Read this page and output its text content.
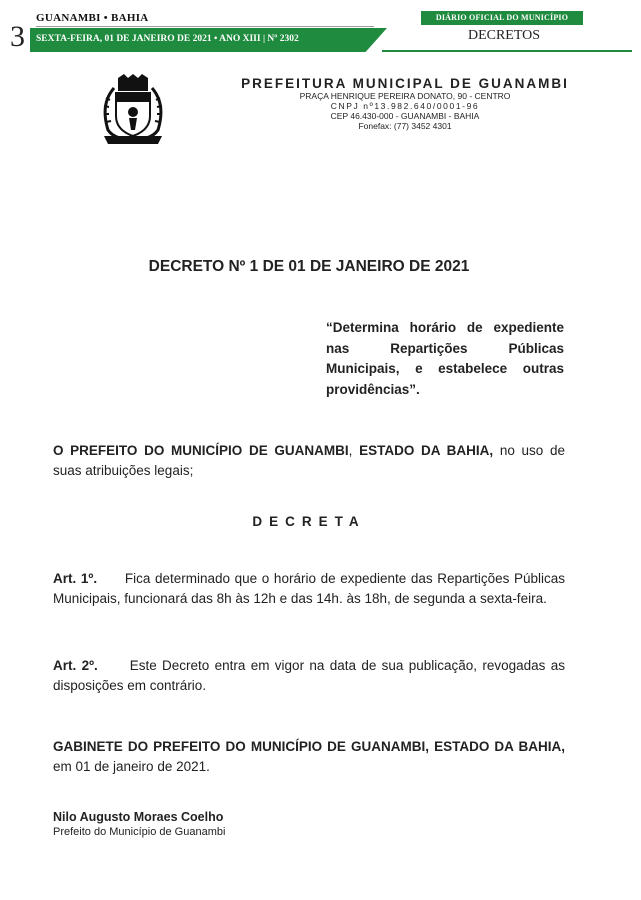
3
GUANAMBI • BAHIA
SEXTA-FEIRA, 01 DE JANEIRO DE 2021 • ANO XIII | Nº 2302
DIÁRIO OFICIAL DO MUNICÍPIO
DECRETOS
PREFEITURA MUNICIPAL DE GUANAMBI
PRAÇA HENRIQUE PEREIRA DONATO, 90 - CENTRO
CNPJ nº13.982.640/0001-96
CEP 46.430-000 - GUANAMBI - BAHIA
Fonefax: (77) 3452 4301
DECRETO Nº 1 DE 01 DE JANEIRO DE 2021
“Determina horário de expediente nas Repartições Públicas Municipais, e estabelece outras providências”.
O PREFEITO DO MUNICÍPIO DE GUANAMBI, ESTADO DA BAHIA, no uso de suas atribuições legais;
DECRETA
Art. 1º. Fica determinado que o horário de expediente das Repartições Públicas Municipais, funcionará das 8h às 12h e das 14h. às 18h, de segunda a sexta-feira.
Art. 2º. Este Decreto entra em vigor na data de sua publicação, revogadas as disposições em contrário.
GABINETE DO PREFEITO DO MUNICÍPIO DE GUANAMBI, ESTADO DA BAHIA, em 01 de janeiro de 2021.
Nilo Augusto Moraes Coelho
Prefeito do Município de Guanambi
